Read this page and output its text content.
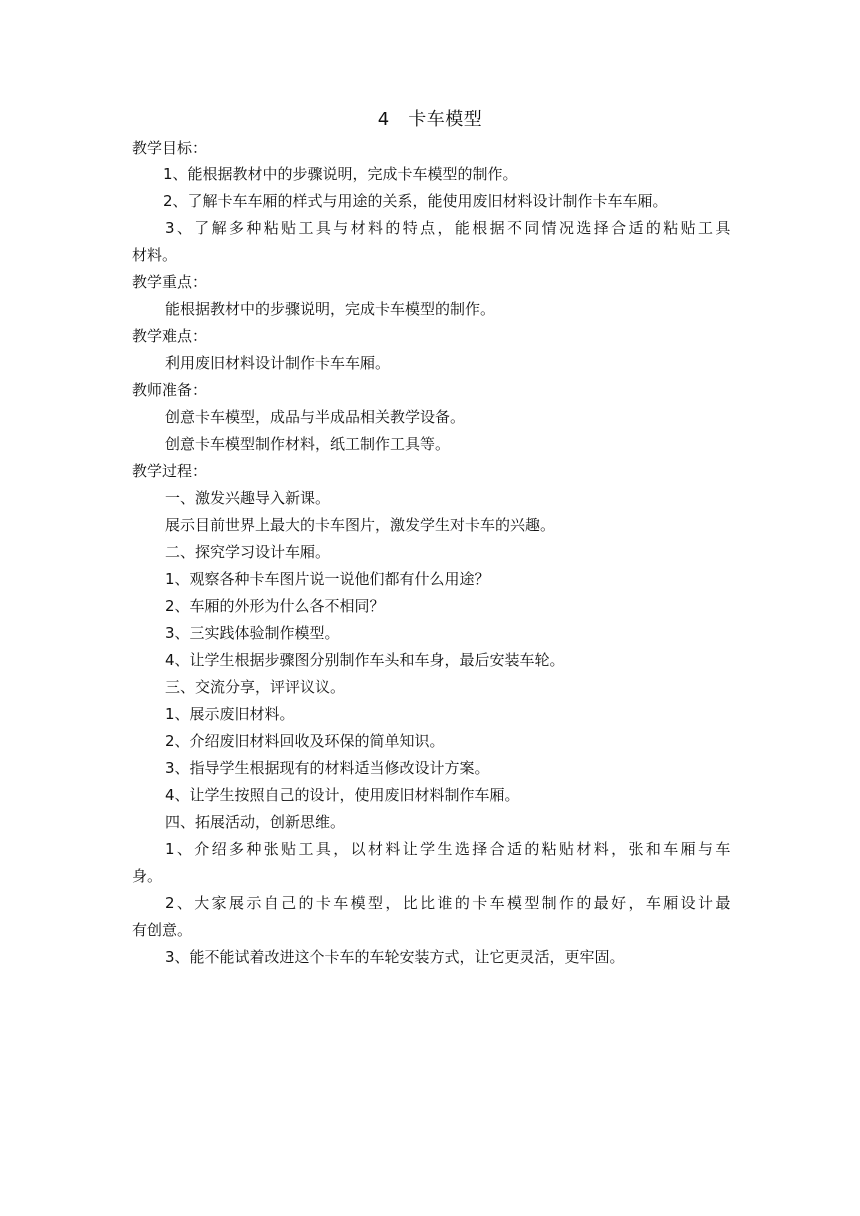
4　卡车模型

教学目标：

1、能根据教材中的步骤说明，完成卡车模型的制作。

2、了解卡车车厢的样式与用途的关系，能使用废旧材料设计制作卡车车厢。

3、了解多种粘贴工具与材料的特点，能根据不同情况选择合适的粘贴工具

材料。

教学重点：

能根据教材中的步骤说明，完成卡车模型的制作。

教学难点：

利用废旧材料设计制作卡车车厢。

教师准备：

创意卡车模型，成品与半成品相关教学设备。

创意卡车模型制作材料，纸工制作工具等。

教学过程：

一、激发兴趣导入新课。

展示目前世界上最大的卡车图片，激发学生对卡车的兴趣。

二、探究学习设计车厢。

1、观察各种卡车图片说一说他们都有什么用途？

2、车厢的外形为什么各不相同？

3、三实践体验制作模型。

4、让学生根据步骤图分别制作车头和车身，最后安装车轮。

三、交流分享，评评议议。

1、展示废旧材料。

2、介绍废旧材料回收及环保的简单知识。

3、指导学生根据现有的材料适当修改设计方案。

4、让学生按照自己的设计，使用废旧材料制作车厢。

四、拓展活动，创新思维。

1、介绍多种张贴工具，以材料让学生选择合适的粘贴材料，张和车厢与车

身。

2、大家展示自己的卡车模型，比比谁的卡车模型制作的最好，车厢设计最

有创意。

3、能不能试着改进这个卡车的车轮安装方式，让它更灵活，更牢固。
